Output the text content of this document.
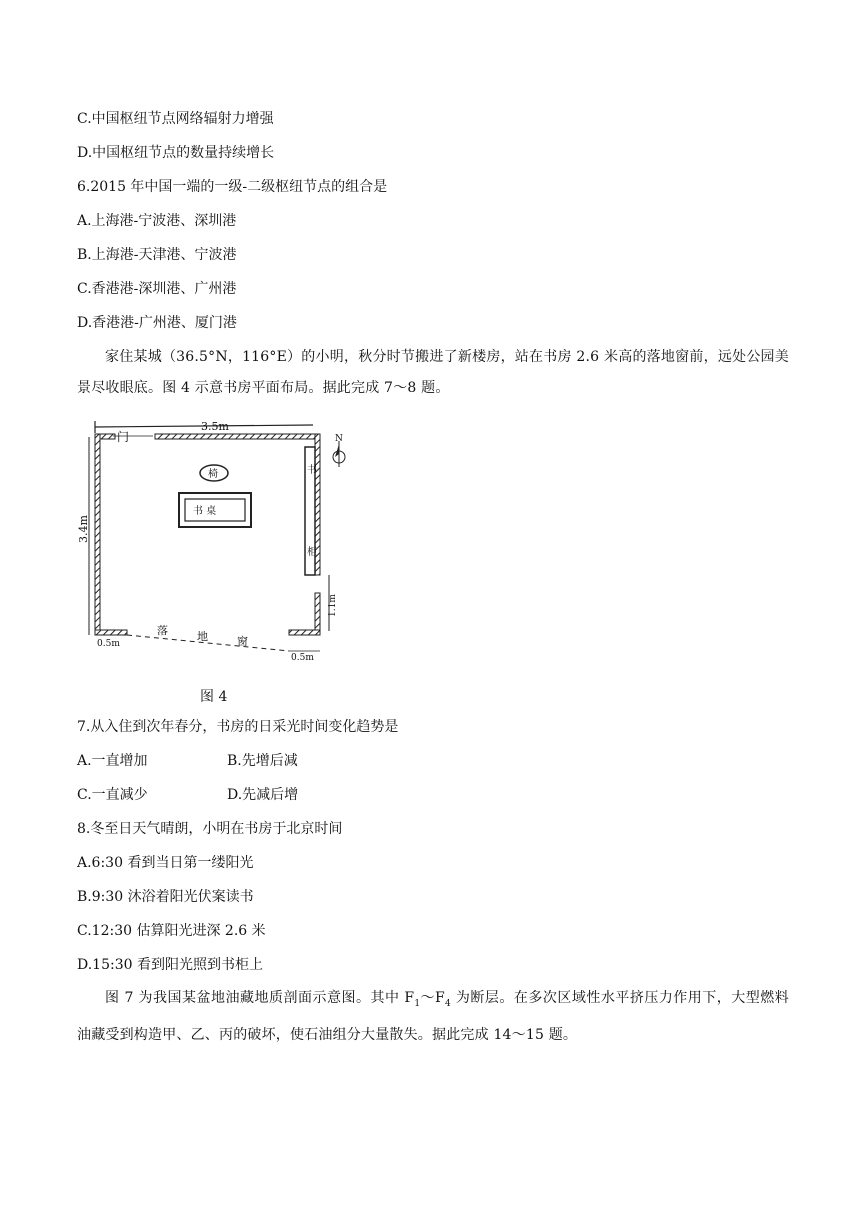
C.中国枢纽节点网络辐射力增强
D.中国枢纽节点的数量持续增长
6.2015 年中国一端的一级-二级枢纽节点的组合是
A.上海港-宁波港、深圳港
B.上海港-天津港、宁波港
C.香港港-深圳港、广州港
D.香港港-广州港、厦门港
家住某城（36.5°N，116°E）的小明，秋分时节搬进了新楼房，站在书房 2.6 米高的落地窗前，远处公园美景尽收眼底。图 4 示意书房平面布局。据此完成 7～8 题。
3.5m
门
3.4m
书
柜
N
椅
书 桌
落	地	窗
0.5m
0.5m
1.1m
图 4
7.从入住到次年春分，书房的日采光时间变化趋势是
A.一直增加	B.先增后减
C.一直减少	D.先减后增
8.冬至日天气晴朗，小明在书房于北京时间
A.6:30 看到当日第一缕阳光
B.9:30 沐浴着阳光伏案读书
C.12:30 估算阳光进深 2.6 米
D.15:30 看到阳光照到书柜上
图 7 为我国某盆地油藏地质剖面示意图。其中 $F_1\sim F_4$ 为断层。在多次区域性水平挤压力作用下，大型燃料油藏受到构造甲、乙、丙的破坏，使石油组分大量散失。据此完成 14～15 题。
